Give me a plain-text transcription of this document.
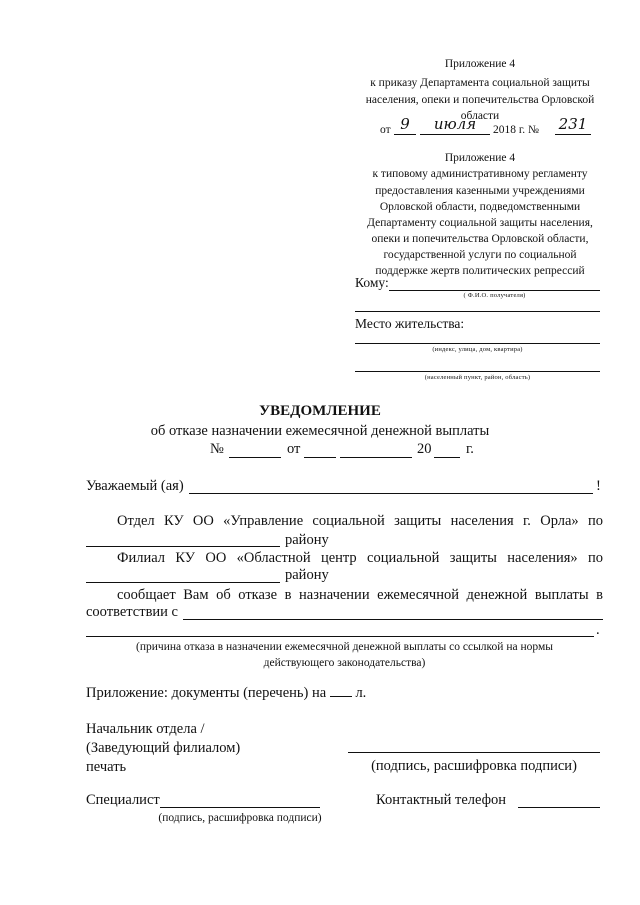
Приложение 4
к приказу Департамента социальной защиты
населения, опеки и попечительства Орловской
области
от 9	июля	2018 г. № 231
Приложение 4
к типовому административному регламенту
предоставления казенными учреждениями
Орловской области, подведомственными
Департаменту социальной защиты населения,
опеки и попечительства Орловской области,
государственной услуги по социальной
поддержке жертв политических репрессий
Кому:
( Ф.И.О. получателя)
Место жительства:
(индекс, улица, дом, квартира)
(населенный пункт, район, область)
УВЕДОМЛЕНИЕ
об отказе назначении ежемесячной денежной выплаты
№	от	20 г.
Уважаемый (ая)	!
Отдел КУ ОО «Управление социальной защиты населения г. Орла» по
району
Филиал КУ ОО «Областной центр социальной защиты населения» по
району
сообщает Вам об отказе в назначении ежемесячной денежной выплаты в
соответствии с
.
(причина отказа в назначении ежемесячной денежной выплаты со ссылкой на нормы
действующего законодательства)
Приложение: документы (перечень) на л.
Начальник отдела /
(Заведующий филиалом)
печать	(подпись, расшифровка подписи)
Специалист
(подпись, расшифровка подписи)
Контактный телефон
